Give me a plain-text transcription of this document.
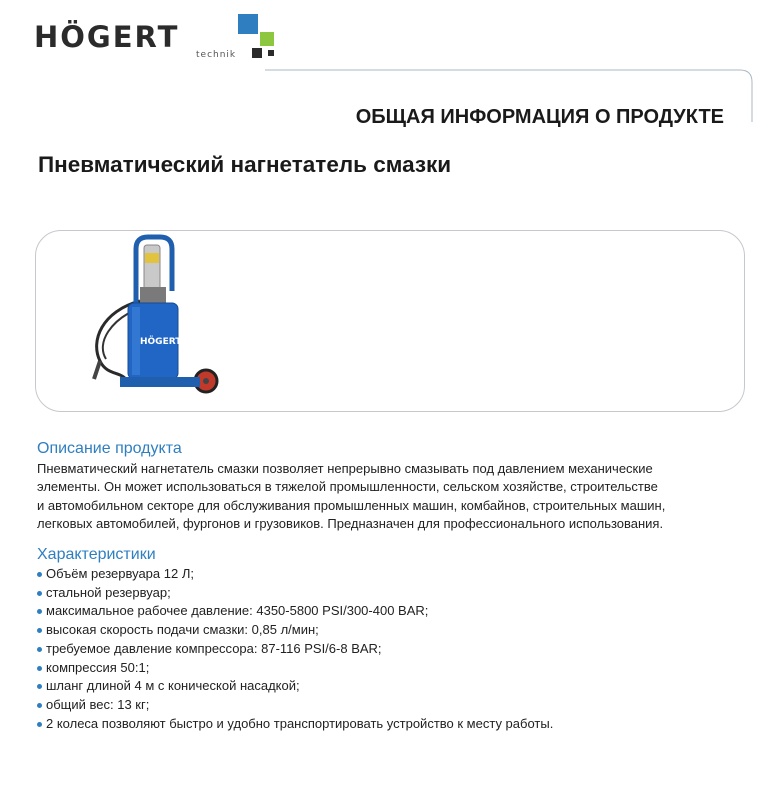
HÖGERT
technik
ОБЩАЯ ИНФОРМАЦИЯ О ПРОДУКТЕ
Пневматический нагнетатель смазки
HÖGERT
Описание продукта

Пневматический нагнетатель смазки позволяет непрерывно смазывать под давлением механические
элементы. Он может использоваться в тяжелой промышленности, сельском хозяйстве, строительстве
и автомобильном секторе для обслуживания промышленных машин, комбайнов, строительных машин,
легковых автомобилей, фургонов и грузовиков. Предназначен для профессионального использования.

Характеристики
Объём резервуара 12 Л;
стальной резервуар;
максимальное рабочее давление: 4350-5800 PSI/300-400 BAR;
высокая скорость подачи смазки: 0,85 л/мин;
требуемое давление компрессора: 87-116 PSI/6-8 BAR;
компрессия 50:1;
шланг длиной 4 м с конической насадкой;
общий вес: 13 кг;
2 колеса позволяют быстро и удобно транспортировать устройство к месту работы.
